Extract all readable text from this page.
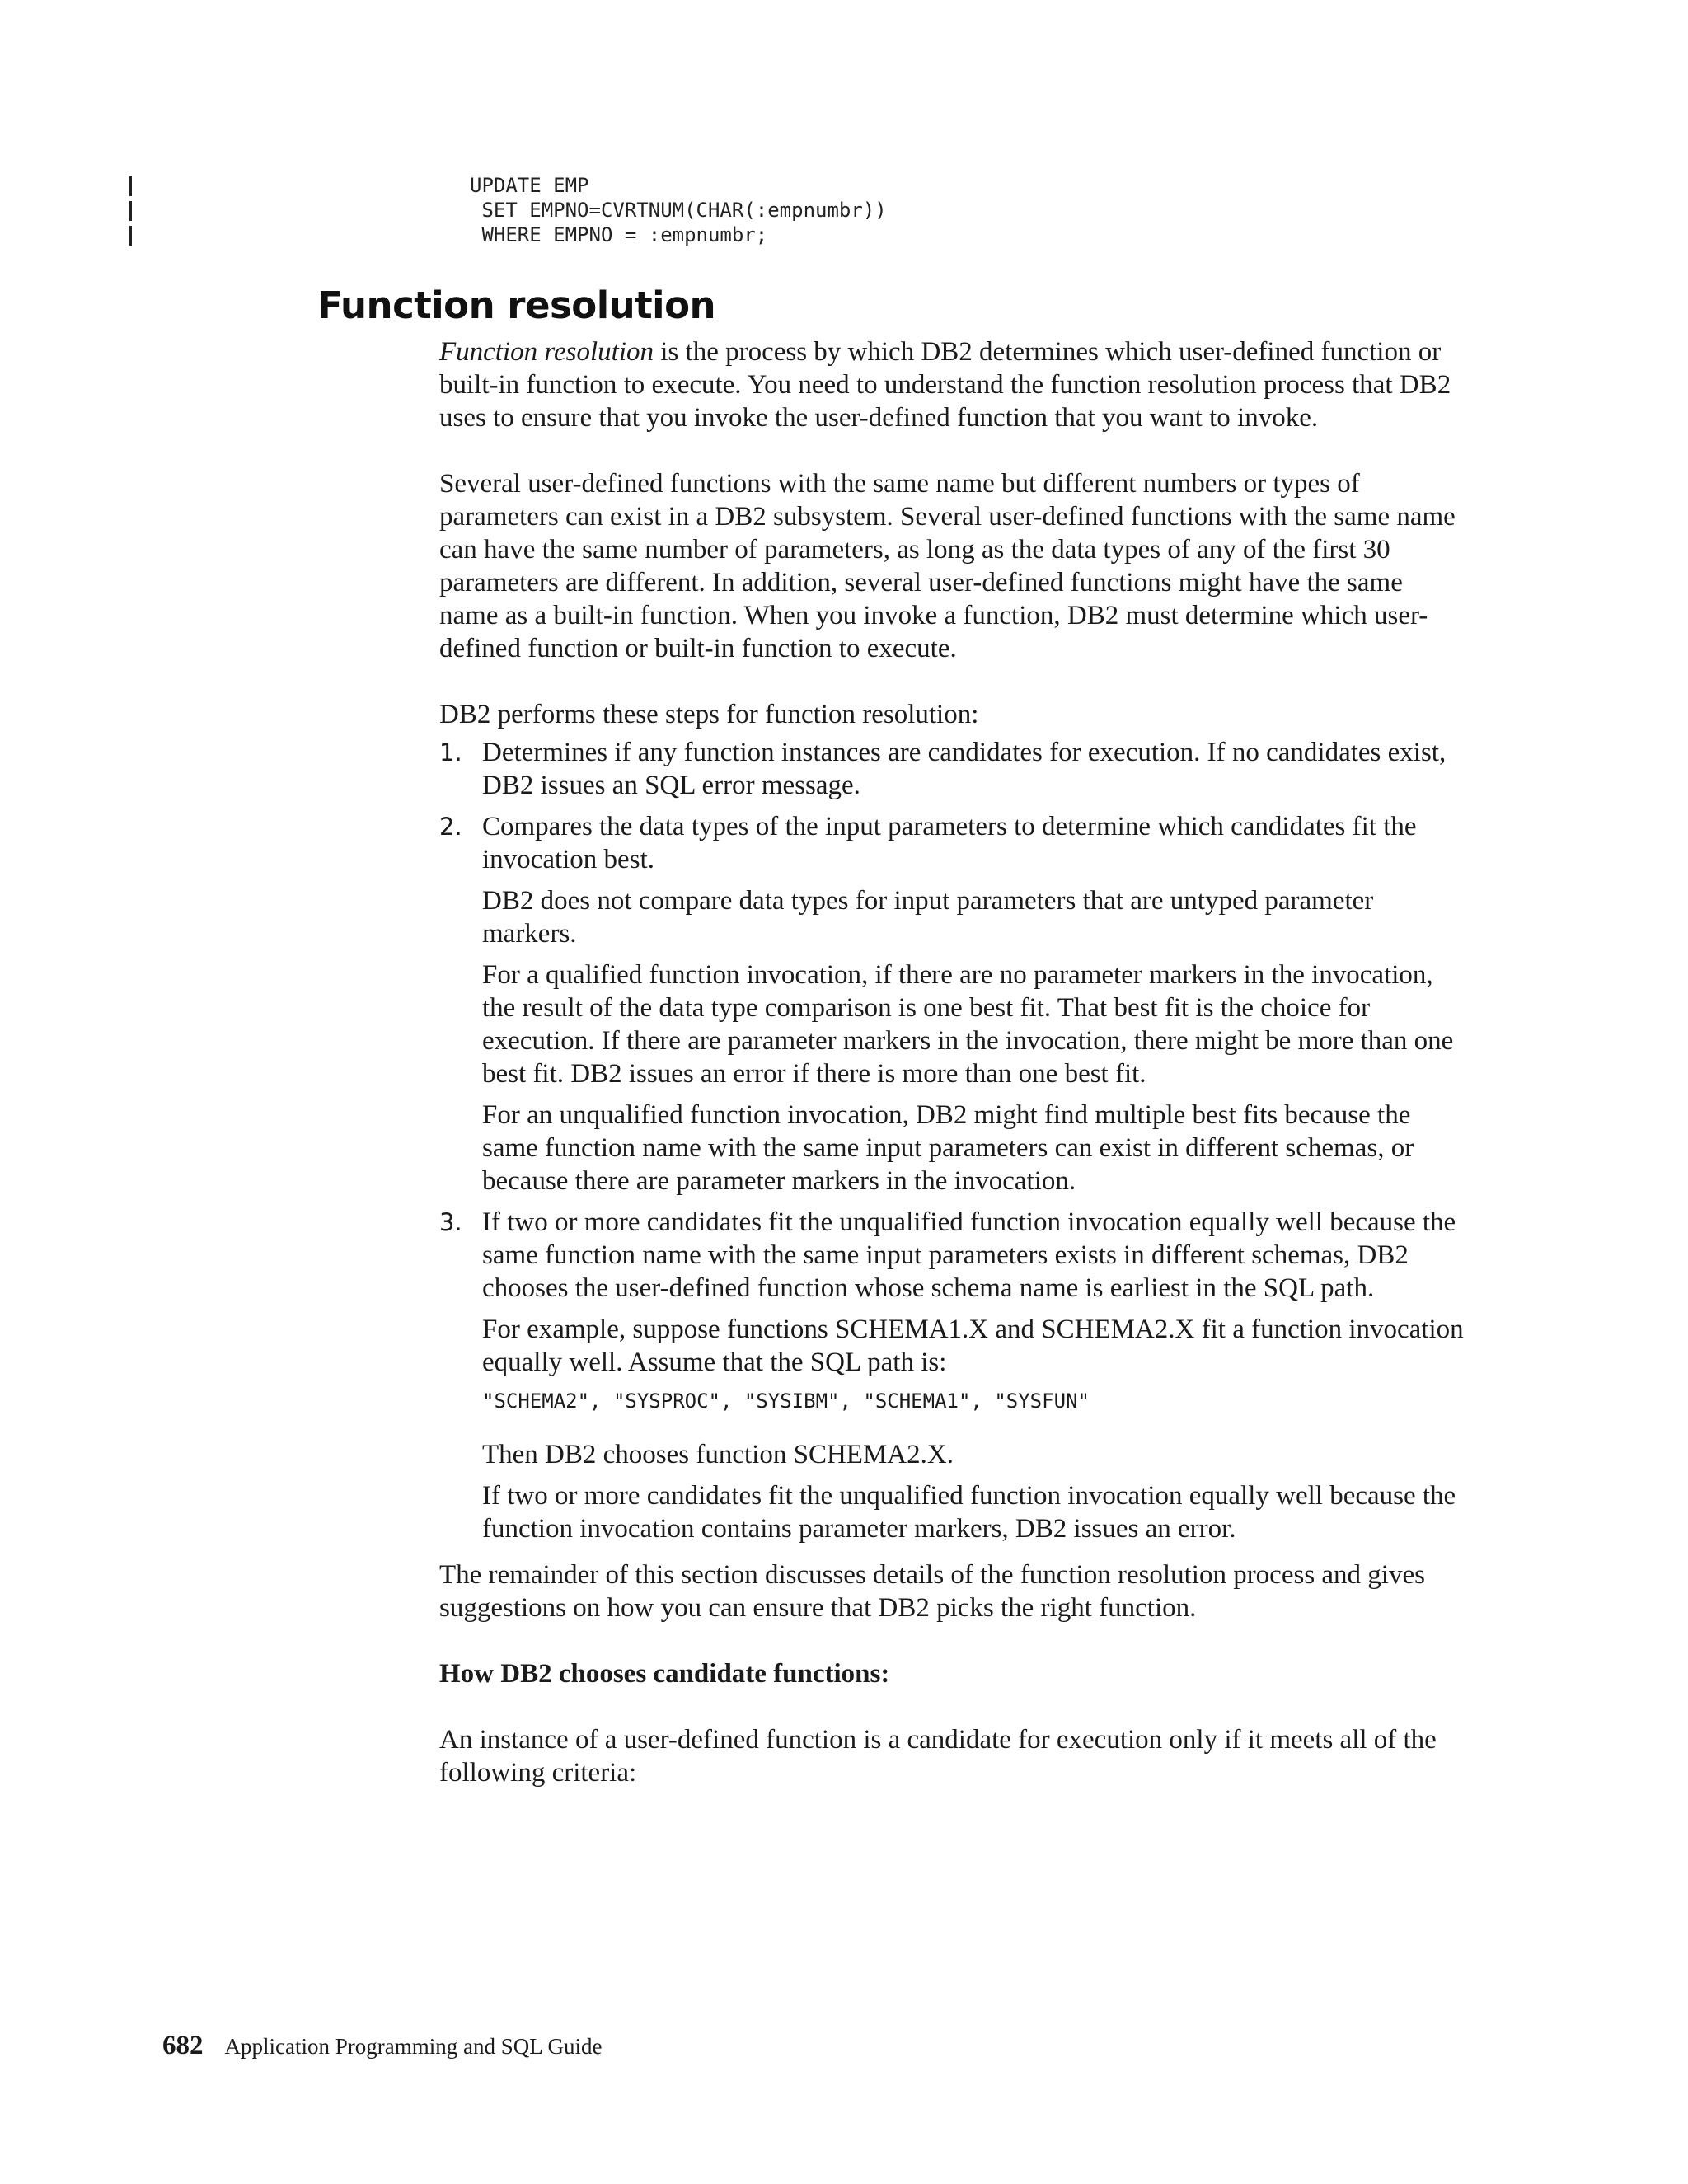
UPDATE EMP
SET EMPNO=CVRTNUM(CHAR(:empnumbr))
WHERE EMPNO = :empnumbr;
Function resolution

Function resolution is the process by which DB2 determines which user-defined function or built-in function to execute. You need to understand the function resolution process that DB2 uses to ensure that you invoke the user-defined function that you want to invoke.

Several user-defined functions with the same name but different numbers or types of parameters can exist in a DB2 subsystem. Several user-defined functions with the same name can have the same number of parameters, as long as the data types of any of the first 30 parameters are different. In addition, several user-defined functions might have the same name as a built-in function. When you invoke a function, DB2 must determine which user-defined function or built-in function to execute.

DB2 performs these steps for function resolution:

1. Determines if any function instances are candidates for execution. If no candidates exist, DB2 issues an SQL error message.

2. Compares the data types of the input parameters to determine which candidates fit the invocation best.

DB2 does not compare data types for input parameters that are untyped parameter markers.

For a qualified function invocation, if there are no parameter markers in the invocation, the result of the data type comparison is one best fit. That best fit is the choice for execution. If there are parameter markers in the invocation, there might be more than one best fit. DB2 issues an error if there is more than one best fit.

For an unqualified function invocation, DB2 might find multiple best fits because the same function name with the same input parameters can exist in different schemas, or because there are parameter markers in the invocation.

3. If two or more candidates fit the unqualified function invocation equally well because the same function name with the same input parameters exists in different schemas, DB2 chooses the user-defined function whose schema name is earliest in the SQL path.

For example, suppose functions SCHEMA1.X and SCHEMA2.X fit a function invocation equally well. Assume that the SQL path is:

"SCHEMA2", "SYSPROC", "SYSIBM", "SCHEMA1", "SYSFUN"

Then DB2 chooses function SCHEMA2.X.

If two or more candidates fit the unqualified function invocation equally well because the function invocation contains parameter markers, DB2 issues an error.

The remainder of this section discusses details of the function resolution process and gives suggestions on how you can ensure that DB2 picks the right function.

How DB2 chooses candidate functions:

An instance of a user-defined function is a candidate for execution only if it meets all of the following criteria:

682 Application Programming and SQL Guide
